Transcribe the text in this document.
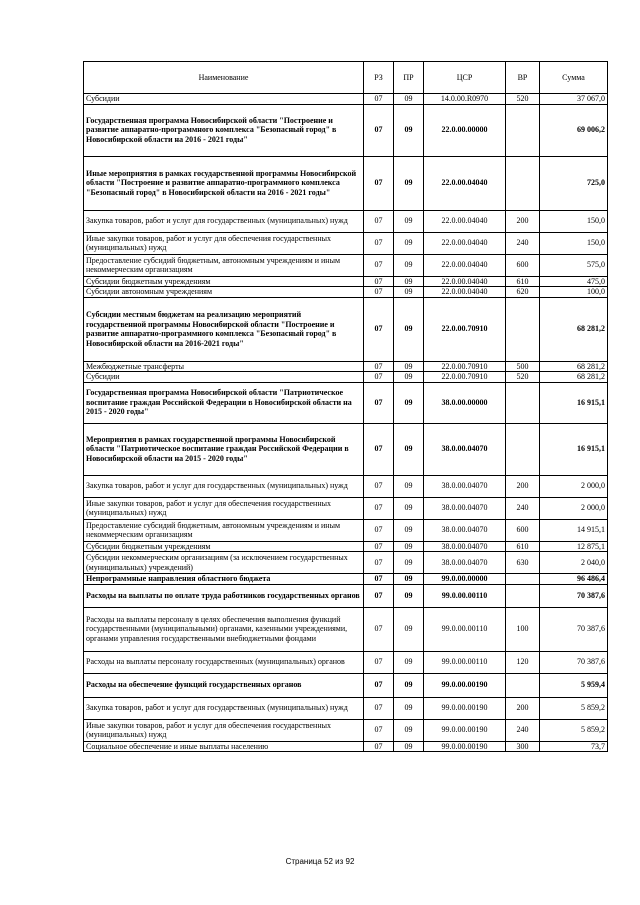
Наименование	РЗ	ПР	ЦСР	ВР	Сумма
Субсидии	07	09	14.0.00.R0970	520	37 067,0
Государственная программа Новосибирской области "Построение и развитие аппаратно-программного комплекса "Безопасный город" в Новосибирской области на 2016 - 2021 годы"	07	09	22.0.00.00000		69 006,2
Иные мероприятия в рамках государственной программы Новосибирской области "Построение и развитие аппаратно-программного комплекса "Безопасный город" в Новосибирской области на 2016 - 2021 годы"	07	09	22.0.00.04040		725,0
Закупка товаров, работ и услуг для государственных (муниципальных) нужд	07	09	22.0.00.04040	200	150,0
Иные закупки товаров, работ и услуг для обеспечения государственных (муниципальных) нужд	07	09	22.0.00.04040	240	150,0
Предоставление субсидий бюджетным, автономным учреждениям и иным некоммерческим организациям	07	09	22.0.00.04040	600	575,0
Субсидии бюджетным учреждениям	07	09	22.0.00.04040	610	475,0
Субсидии автономным учреждениям	07	09	22.0.00.04040	620	100,0
Субсидии местным бюджетам на реализацию мероприятий государственной программы Новосибирской области "Построение и развитие аппаратно-программного комплекса "Безопасный город" в Новосибирской области на 2016-2021 годы"	07	09	22.0.00.70910		68 281,2
Межбюджетные трансферты	07	09	22.0.00.70910	500	68 281,2
Субсидии	07	09	22.0.00.70910	520	68 281,2
Государственная программа Новосибирской области "Патриотическое воспитание граждан Российской Федерации в Новосибирской области на 2015 - 2020 годы"	07	09	38.0.00.00000		16 915,1
Мероприятия в рамках государственной программы Новосибирской области "Патриотическое воспитание граждан Российской Федерации в Новосибирской области на 2015 - 2020 годы"	07	09	38.0.00.04070		16 915,1
Закупка товаров, работ и услуг для государственных (муниципальных) нужд	07	09	38.0.00.04070	200	2 000,0
Иные закупки товаров, работ и услуг для обеспечения государственных (муниципальных) нужд	07	09	38.0.00.04070	240	2 000,0
Предоставление субсидий бюджетным, автономным учреждениям и иным некоммерческим организациям	07	09	38.0.00.04070	600	14 915,1
Субсидии бюджетным учреждениям	07	09	38.0.00.04070	610	12 875,1
Субсидии некоммерческим организациям (за исключением государственных (муниципальных) учреждений)	07	09	38.0.00.04070	630	2 040,0
Непрограммные направления областного бюджета	07	09	99.0.00.00000		96 486,4
Расходы на выплаты по оплате труда работников государственных органов	07	09	99.0.00.00110		70 387,6
Расходы на выплаты персоналу в целях обеспечения выполнения функций государственными (муниципальными) органами, казенными учреждениями, органами управления государственными внебюджетными фондами	07	09	99.0.00.00110	100	70 387,6
Расходы на выплаты персоналу государственных (муниципальных) органов	07	09	99.0.00.00110	120	70 387,6
Расходы на обеспечение функций государственных органов	07	09	99.0.00.00190		5 959,4
Закупка товаров, работ и услуг для государственных (муниципальных) нужд	07	09	99.0.00.00190	200	5 859,2
Иные закупки товаров, работ и услуг для обеспечения государственных (муниципальных) нужд	07	09	99.0.00.00190	240	5 859,2
Социальное обеспечение и иные выплаты населению	07	09	99.0.00.00190	300	73,7
Страница 52 из 92
